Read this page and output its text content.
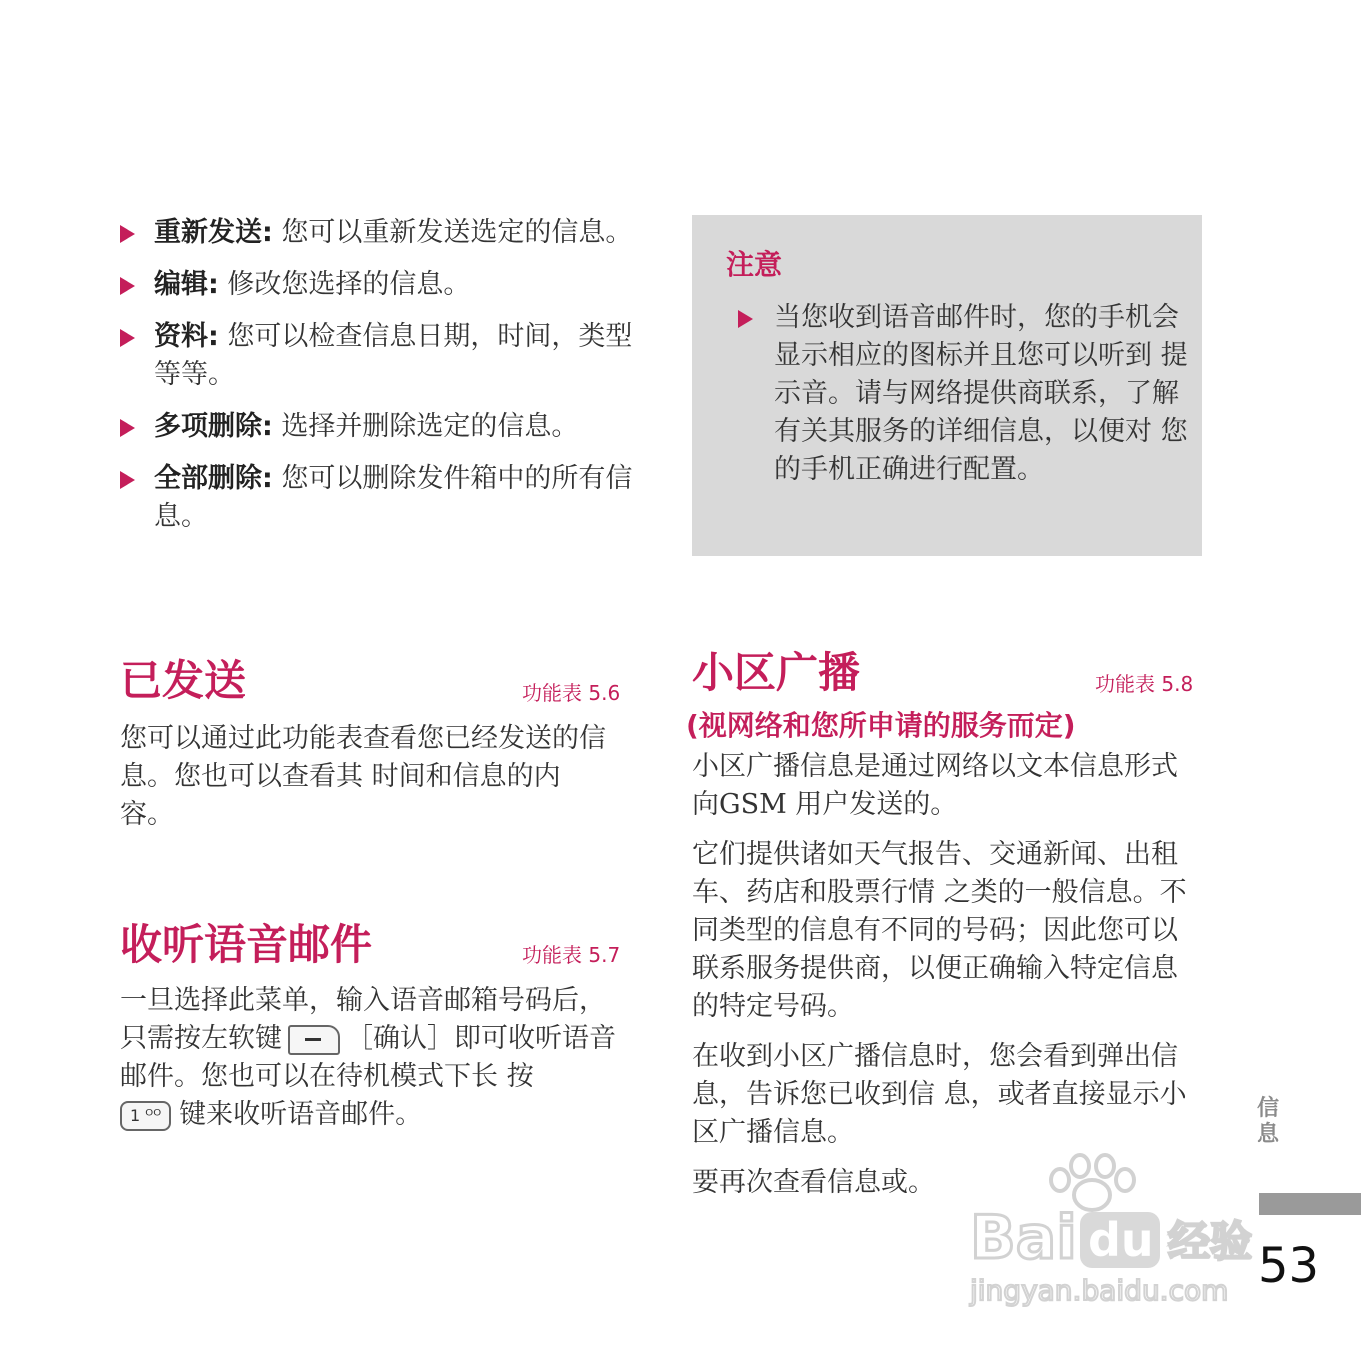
重新发送: 您可以重新发送选定的信息。
编辑: 修改您选择的信息。
资料: 您可以检查信息日期，时间，类型等等。
多项删除: 选择并删除选定的信息。
全部删除: 您可以删除发件箱中的所有信息。
注意
当您收到语音邮件时，您的手机会显示相应的图标并且您可以听到 提示音。请与网络提供商联系，了解有关其服务的详细信息，以便对 您的手机正确进行配置。
已发送	功能表 5.6

您可以通过此功能表查看您已经发送的信息。您也可以查看其 时间和信息的内容。

收听语音邮件	功能表 5.7

一旦选择此菜单，输入语音邮箱号码后，只需按左软键 ［确认］即可收听语音邮件。您也可以在待机模式下长 按
1 ᴼᴼ 键来收听语音邮件。

小区广播	功能表 5.8
(视网络和您所申请的服务而定)

小区广播信息是通过网络以文本信息形式向GSM 用户发送的。

它们提供诸如天气报告、交通新闻、出租车、药店和股票行情 之类的一般信息。不同类型的信息有不同的号码；因此您可以联系服务提供商，以便正确输入特定信息的特定号码。

在收到小区广播信息时，您会看到弹出信息，告诉您已收到信 息，或者直接显示小区广播信息。

要再次查看信息或。

信息
53
Bai du 经验
jingyan.baidu.com
